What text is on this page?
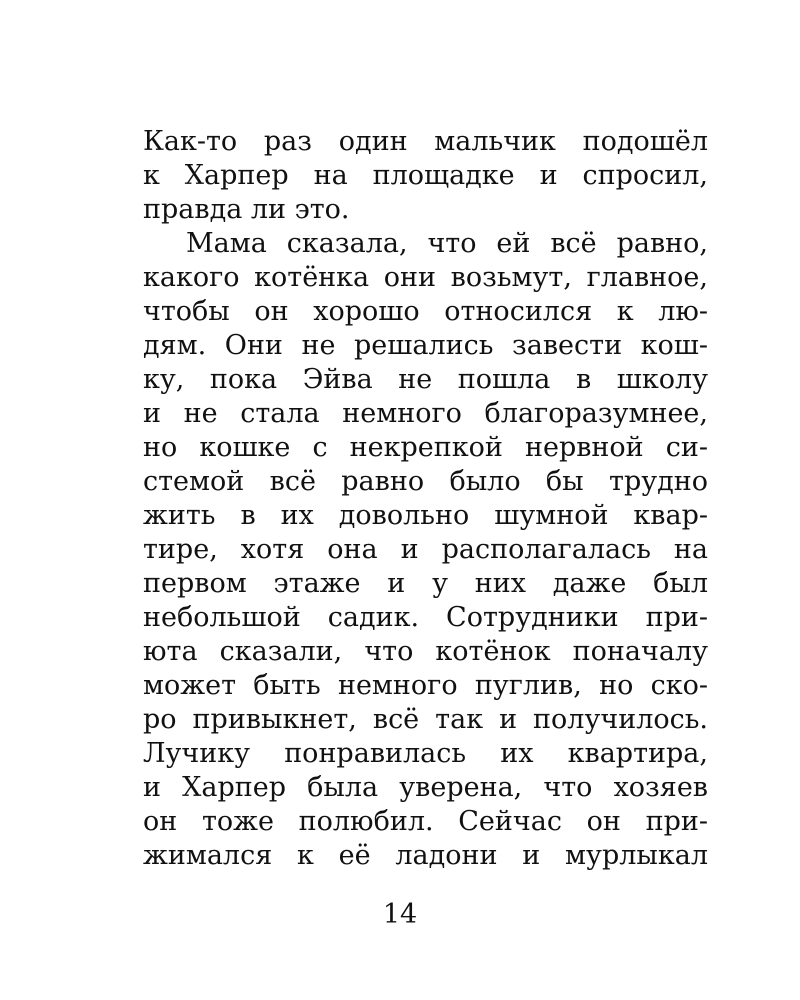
Как-то раз один мальчик подошёл
к Харпер на площадке и спросил,
правда ли это.
Мама сказала, что ей всё равно,
какого котёнка они возьмут, главное,
чтобы он хорошо относился к лю-
дям. Они не решались завести кош-
ку, пока Эйва не пошла в школу
и не стала немного благоразумнее,
но кошке с некрепкой нервной си-
стемой всё равно было бы трудно
жить в их довольно шумной квар-
тире, хотя она и располагалась на
первом этаже и у них даже был
небольшой садик. Сотрудники при-
юта сказали, что котёнок поначалу
может быть немного пуглив, но ско-
ро привыкнет, всё так и получилось.
Лучику понравилась их квартира,
и Харпер была уверена, что хозяев
он тоже полюбил. Сейчас он при-
жимался к её ладони и мурлыкал
14
